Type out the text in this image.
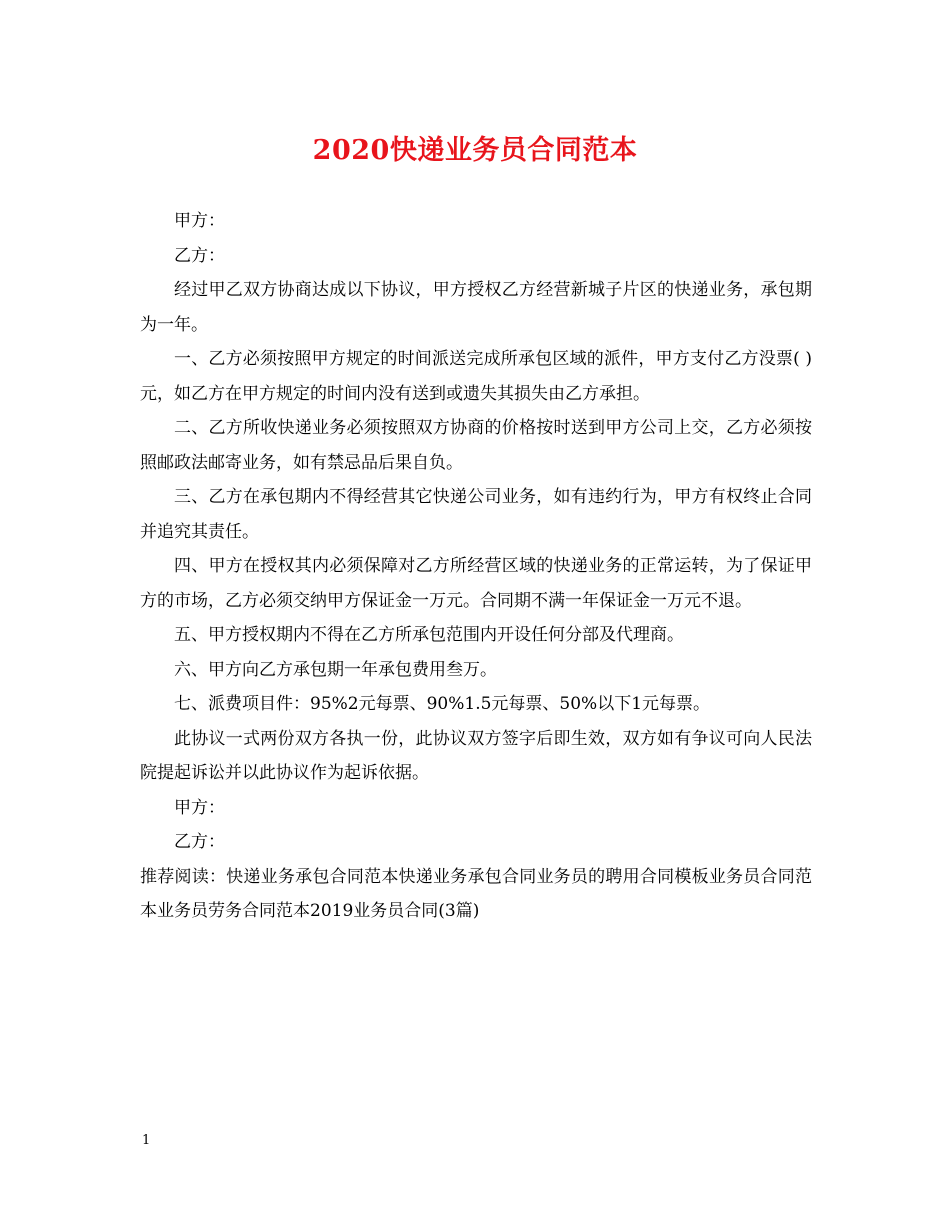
2020快递业务员合同范本

甲方：

乙方：

经过甲乙双方协商达成以下协议，甲方授权乙方经营新城子片区的快递业务，承包期为一年。

一、乙方必须按照甲方规定的时间派送完成所承包区域的派件，甲方支付乙方没票( )元，如乙方在甲方规定的时间内没有送到或遗失其损失由乙方承担。

二、乙方所收快递业务必须按照双方协商的价格按时送到甲方公司上交，乙方必须按照邮政法邮寄业务，如有禁忌品后果自负。

三、乙方在承包期内不得经营其它快递公司业务，如有违约行为，甲方有权终止合同并追究其责任。

四、甲方在授权其内必须保障对乙方所经营区域的快递业务的正常运转，为了保证甲方的市场，乙方必须交纳甲方保证金一万元。合同期不满一年保证金一万元不退。

五、甲方授权期内不得在乙方所承包范围内开设任何分部及代理商。

六、甲方向乙方承包期一年承包费用叁万。

七、派费项目件：95%2元每票、90%1.5元每票、50%以下1元每票。

此协议一式两份双方各执一份，此协议双方签字后即生效，双方如有争议可向人民法院提起诉讼并以此协议作为起诉依据。

甲方：

乙方：

推荐阅读：快递业务承包合同范本快递业务承包合同业务员的聘用合同模板业务员合同范本业务员劳务合同范本2019业务员合同(3篇)

1
